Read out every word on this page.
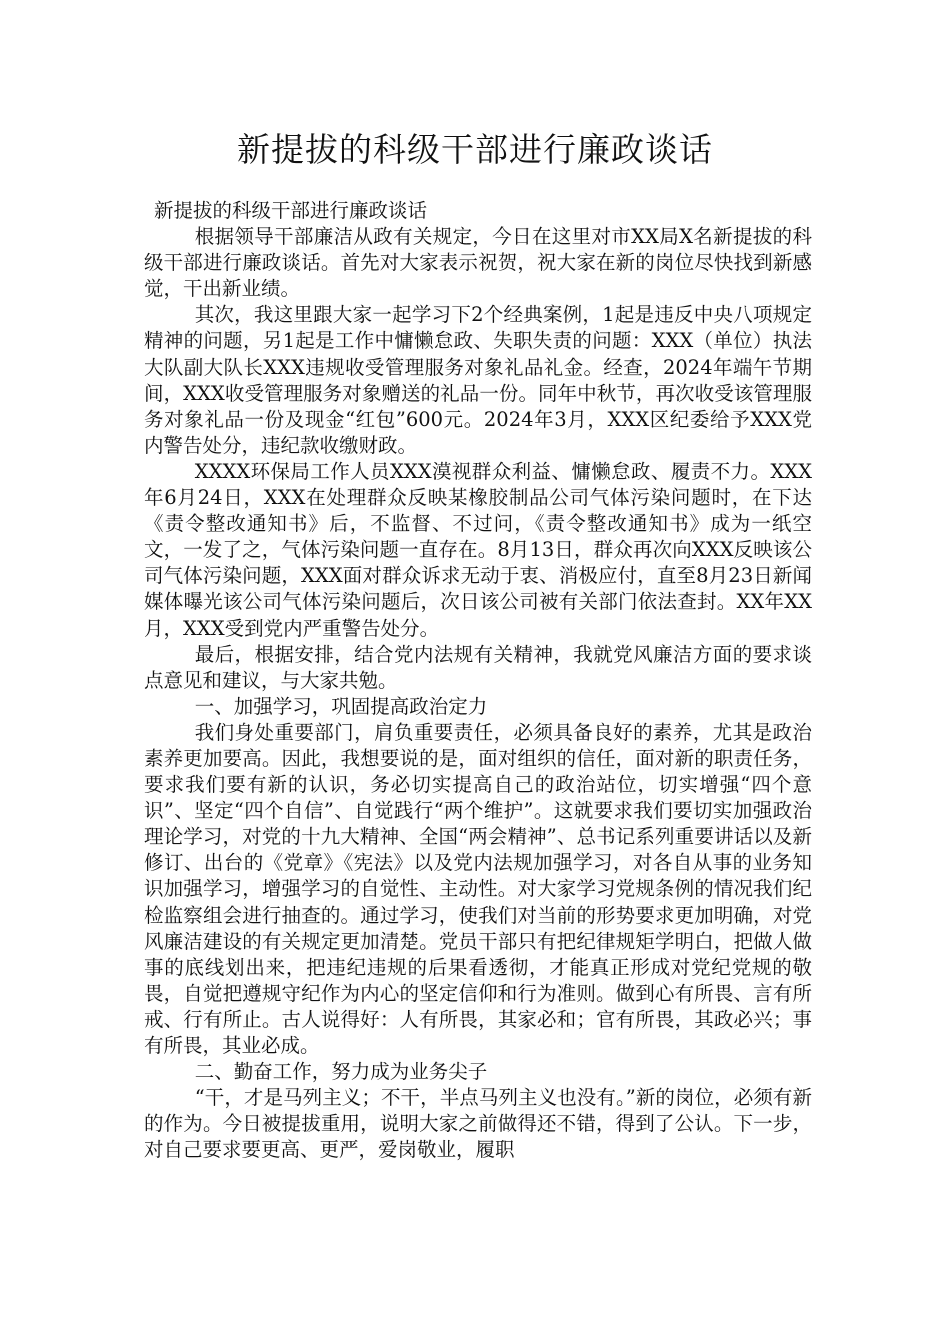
新提拔的科级干部进行廉政谈话

新提拔的科级干部进行廉政谈话

根据领导干部廉洁从政有关规定，今日在这里对市XX局X名新提拔的科级干部进行廉政谈话。首先对大家表示祝贺，祝大家在新的岗位尽快找到新感觉，干出新业绩。

其次，我这里跟大家一起学习下2个经典案例，1起是违反中央八项规定精神的问题，另1起是工作中慵懒怠政、失职失责的问题：XXX（单位）执法大队副大队长XXX违规收受管理服务对象礼品礼金。经查，2024年端午节期间，XXX收受管理服务对象赠送的礼品一份。同年中秋节，再次收受该管理服务对象礼品一份及现金“红包”600元。2024年3月，XXX区纪委给予XXX党内警告处分，违纪款收缴财政。

XXXX环保局工作人员XXX漠视群众利益、慵懒怠政、履责不力。XXX年6月24日，XXX在处理群众反映某橡胶制品公司气体污染问题时，在下达《责令整改通知书》后，不监督、不过问，《责令整改通知书》成为一纸空文，一发了之，气体污染问题一直存在。8月13日，群众再次向XXX反映该公司气体污染问题，XXX面对群众诉求无动于衷、消极应付，直至8月23日新闻媒体曝光该公司气体污染问题后，次日该公司被有关部门依法查封。XX年XX月，XXX受到党内严重警告处分。

最后，根据安排，结合党内法规有关精神，我就党风廉洁方面的要求谈点意见和建议，与大家共勉。

一、加强学习，巩固提高政治定力

我们身处重要部门，肩负重要责任，必须具备良好的素养，尤其是政治素养更加要高。因此，我想要说的是，面对组织的信任，面对新的职责任务，要求我们要有新的认识，务必切实提高自己的政治站位，切实增强“四个意识”、坚定“四个自信”、自觉践行“两个维护”。这就要求我们要切实加强政治理论学习，对党的十九大精神、全国“两会精神”、总书记系列重要讲话以及新修订、出台的《党章》《宪法》以及党内法规加强学习，对各自从事的业务知识加强学习，增强学习的自觉性、主动性。对大家学习党规条例的情况我们纪检监察组会进行抽查的。通过学习，使我们对当前的形势要求更加明确，对党风廉洁建设的有关规定更加清楚。党员干部只有把纪律规矩学明白，把做人做事的底线划出来，把违纪违规的后果看透彻，才能真正形成对党纪党规的敬畏，自觉把遵规守纪作为内心的坚定信仰和行为准则。做到心有所畏、言有所戒、行有所止。古人说得好：人有所畏，其家必和；官有所畏，其政必兴；事有所畏，其业必成。

二、勤奋工作，努力成为业务尖子

“干，才是马列主义；不干，半点马列主义也没有。”新的岗位，必须有新的作为。今日被提拔重用，说明大家之前做得还不错，得到了公认。下一步，对自己要求要更高、更严，爱岗敬业，履职
